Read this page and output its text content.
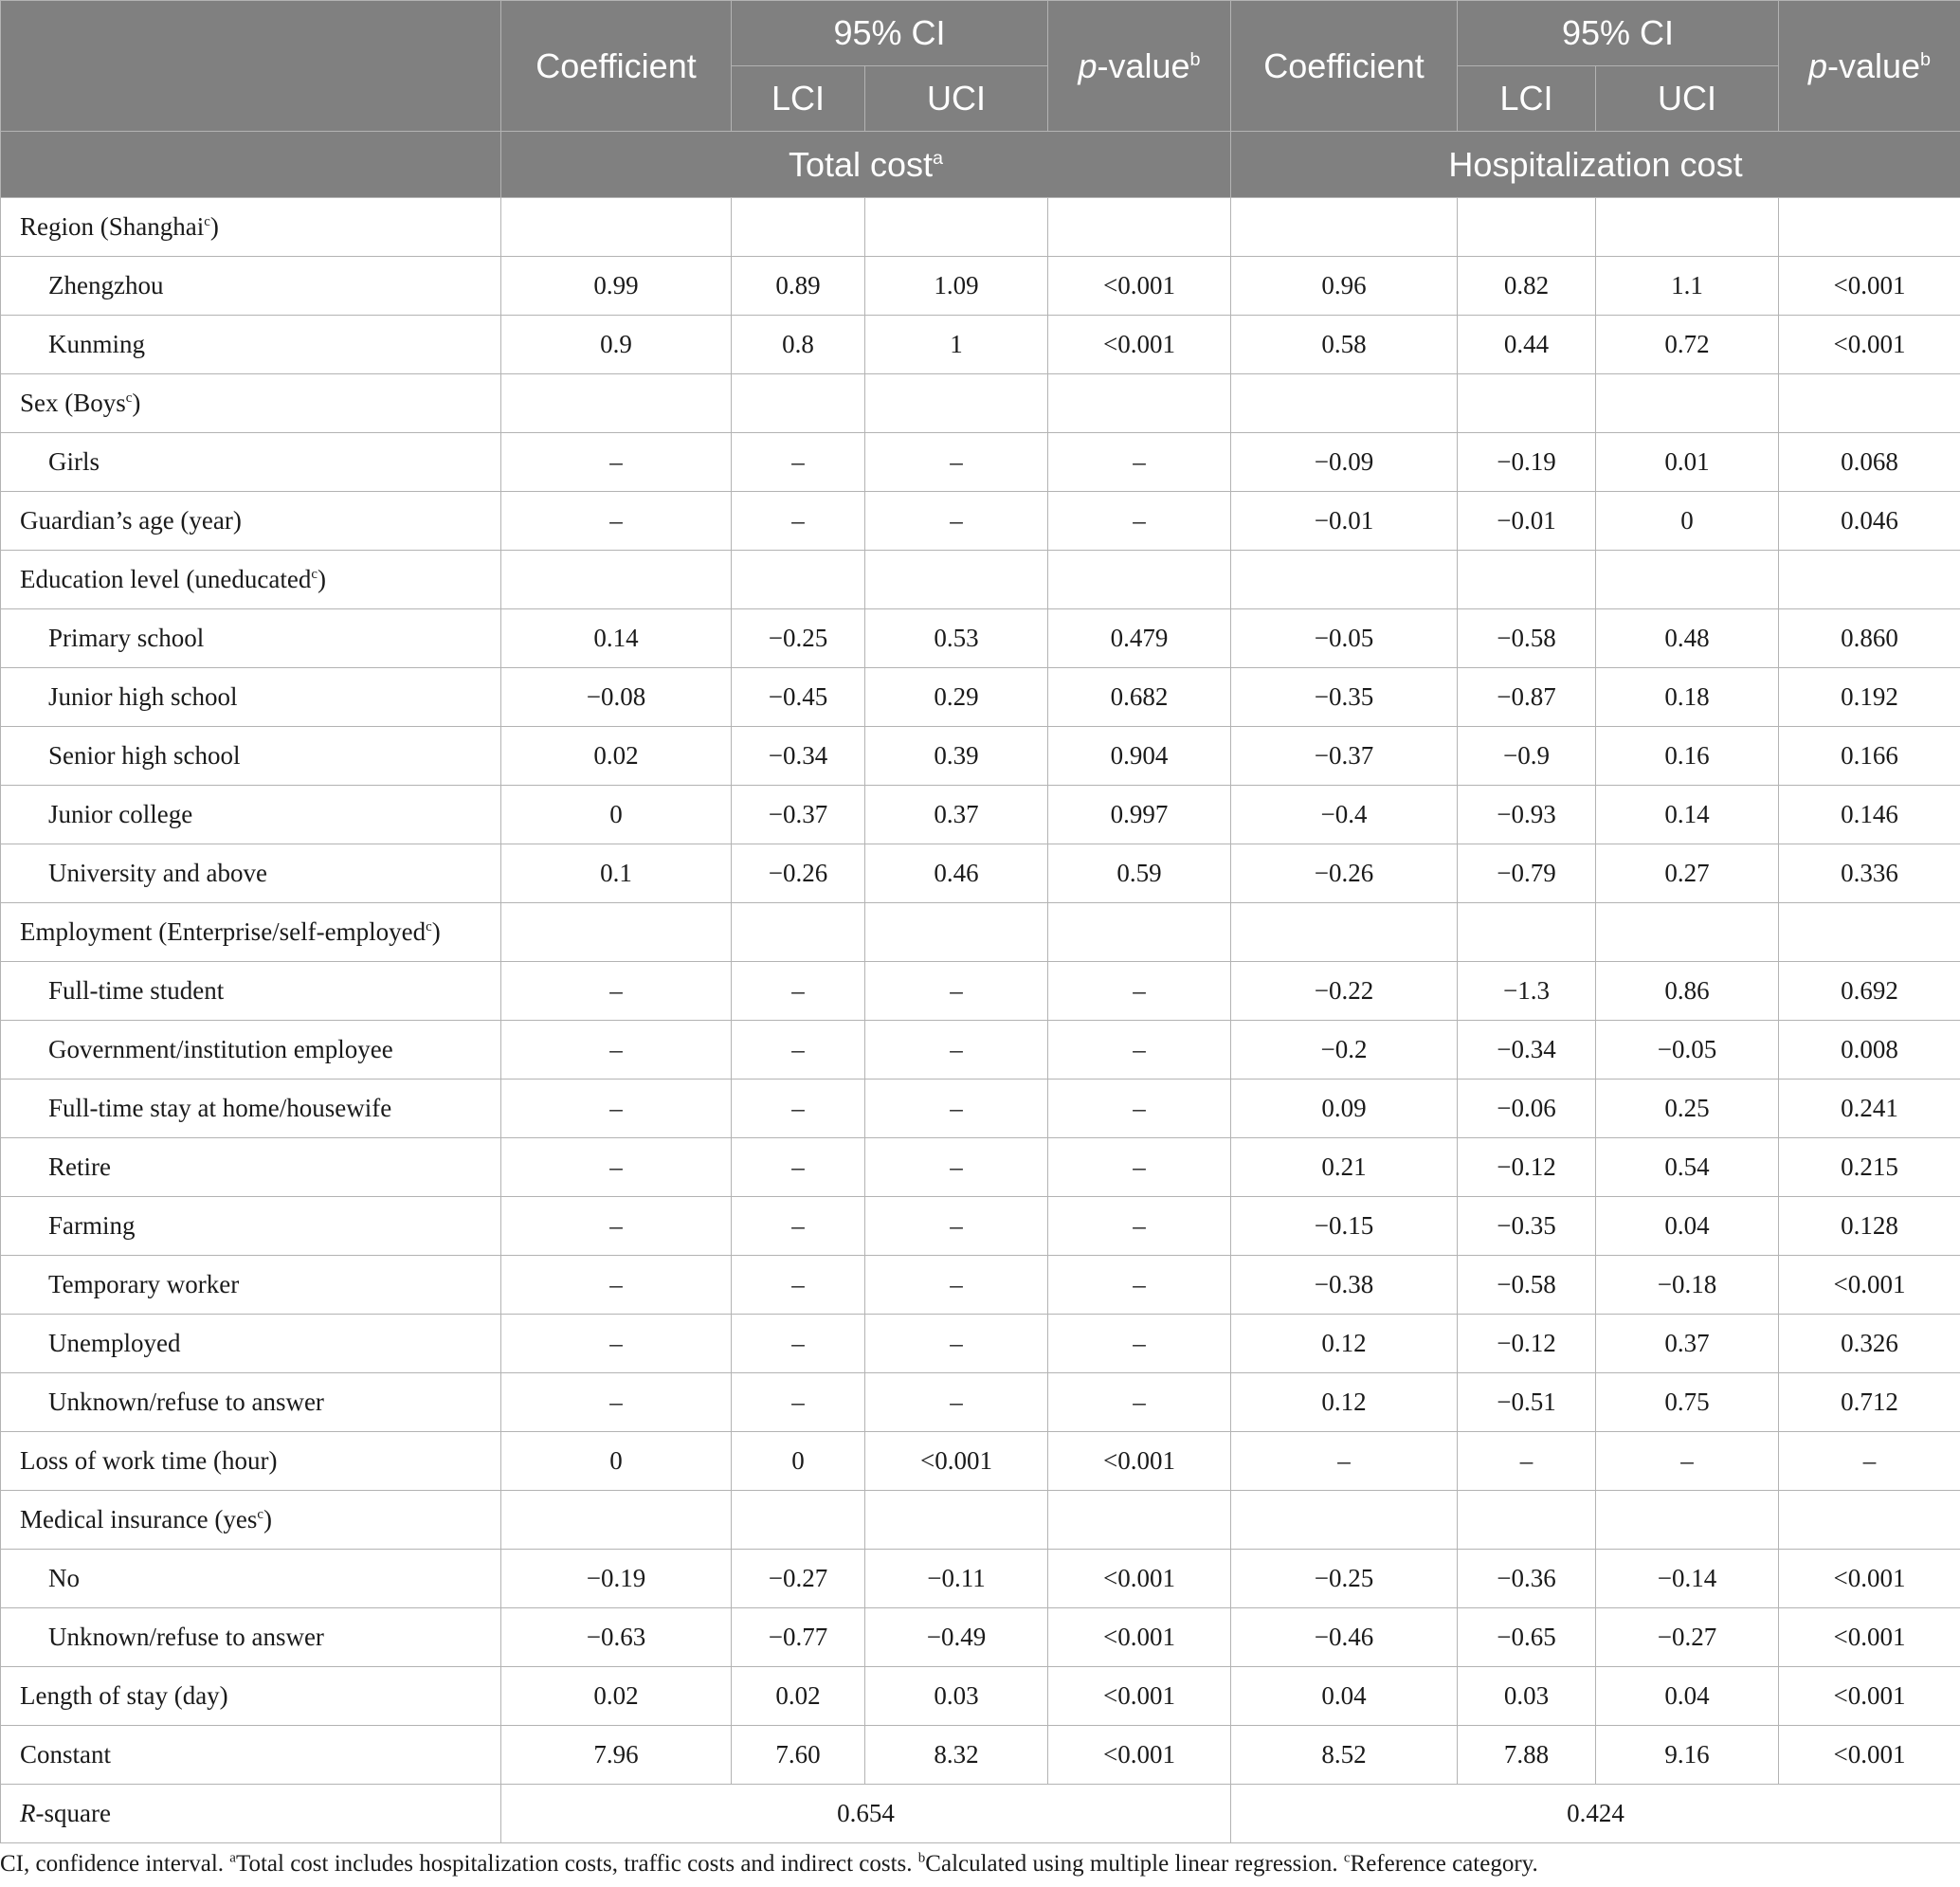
	Coefficient	95% CI		p-value$^b$	Coefficient	95% CI		p-value$^b$
		LCI	UCI			LCI	UCI	
	Total cost$^a$				Hospitalization cost			
Region (Shanghai$^c$)								
Zhengzhou	0.99	0.89	1.09	<0.001	0.96	0.82	1.1	<0.001
Kunming	0.9	0.8	1	<0.001	0.58	0.44	0.72	<0.001
Sex (Boys$^c$)								
Girls	–	–	–	–	−0.09	−0.19	0.01	0.068
Guardian’s age (year)	–	–	–	–	−0.01	−0.01	0	0.046
Education level (uneducated$^c$)								
Primary school	0.14	−0.25	0.53	0.479	−0.05	−0.58	0.48	0.860
Junior high school	−0.08	−0.45	0.29	0.682	−0.35	−0.87	0.18	0.192
Senior high school	0.02	−0.34	0.39	0.904	−0.37	−0.9	0.16	0.166
Junior college	0	−0.37	0.37	0.997	−0.4	−0.93	0.14	0.146
University and above	0.1	−0.26	0.46	0.59	−0.26	−0.79	0.27	0.336
Employment (Enterprise/self-employed$^c$)								
Full-time student	–	–	–	–	−0.22	−1.3	0.86	0.692
Government/institution employee	–	–	–	–	−0.2	−0.34	−0.05	0.008
Full-time stay at home/housewife	–	–	–	–	0.09	−0.06	0.25	0.241
Retire	–	–	–	–	0.21	−0.12	0.54	0.215
Farming	–	–	–	–	−0.15	−0.35	0.04	0.128
Temporary worker	–	–	–	–	−0.38	−0.58	−0.18	<0.001
Unemployed	–	–	–	–	0.12	−0.12	0.37	0.326
Unknown/refuse to answer	–	–	–	–	0.12	−0.51	0.75	0.712
Loss of work time (hour)	0	0	<0.001	<0.001	–	–	–	–
Medical insurance (yes$^c$)								
No	−0.19	−0.27	−0.11	<0.001	−0.25	−0.36	−0.14	<0.001
Unknown/refuse to answer	−0.63	−0.77	−0.49	<0.001	−0.46	−0.65	−0.27	<0.001
Length of stay (day)	0.02	0.02	0.03	<0.001	0.04	0.03	0.04	<0.001
Constant	7.96	7.60	8.32	<0.001	8.52	7.88	9.16	<0.001
R-square	0.654				0.424			
CI, confidence interval. $^a$Total cost includes hospitalization costs, traffic costs and indirect costs. $^b$Calculated using multiple linear regression. $^c$Reference category.
